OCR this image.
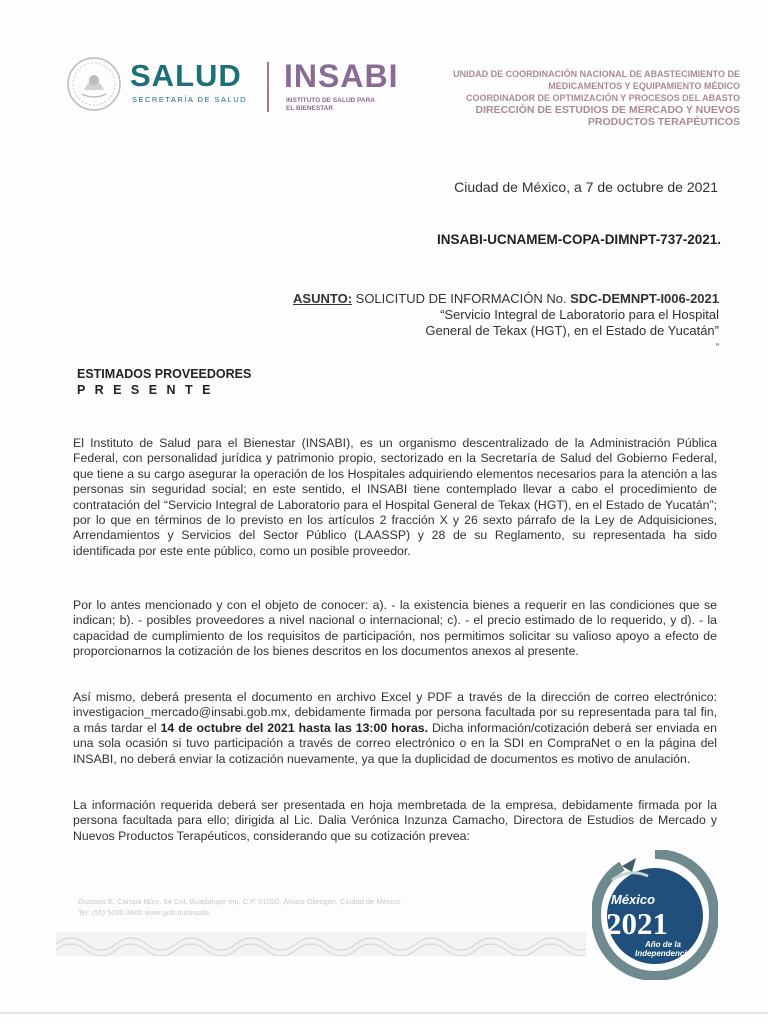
SALUD
SECRETARÍA DE SALUD
INSABI
INSTITUTO DE SALUD PARA
EL BIENESTAR
UNIDAD DE COORDINACIÓN NACIONAL DE ABASTECIMIENTO DE
MEDICAMENTOS Y EQUIPAMIENTO MÉDICO
COORDINADOR DE OPTIMIZACIÓN Y PROCESOS DEL ABASTO
DIRECCIÓN DE ESTUDIOS DE MERCADO Y NUEVOS
PRODUCTOS TERAPÉUTICOS
Ciudad de México, a 7 de octubre de 2021
INSABI-UCNAMEM-COPA-DIMNPT-737-2021.
ASUNTO: SOLICITUD DE INFORMACIÓN No. SDC-DEMNPT-I006-2021
“Servicio Integral de Laboratorio para el Hospital
General de Tekax (HGT), en el Estado de Yucatán”
”
ESTIMADOS PROVEEDORES
P R E S E N T E
El Instituto de Salud para el Bienestar (INSABI), es un organismo descentralizado de la Administración Pública Federal, con personalidad jurídica y patrimonio propio, sectorizado en la Secretaría de Salud del Gobierno Federal, que tiene a su cargo asegurar la operación de los Hospitales adquiriendo elementos necesarios para la atención a las personas sin seguridad social; en este sentido, el INSABI tiene contemplado llevar a cabo el procedimiento de contratación del “Servicio Integral de Laboratorio para el Hospital General de Tekax (HGT), en el Estado de Yucatán”; por lo que en términos de lo previsto en los artículos 2 fracción X y 26 sexto párrafo de la Ley de Adquisiciones, Arrendamientos y Servicios del Sector Público (LAASSP) y 28 de su Reglamento, su representada ha sido identificada por este ente público, como un posible proveedor.
Por lo antes mencionado y con el objeto de conocer: a). - la existencia bienes a requerir en las condiciones que se indican; b). - posibles proveedores a nivel nacional o internacional; c). - el precio estimado de lo requerido, y d). - la capacidad de cumplimiento de los requisitos de participación, nos permitimos solicitar su valioso apoyo a efecto de proporcionarnos la cotización de los bienes descritos en los documentos anexos al presente.
Así mismo, deberá presenta el documento en archivo Excel y PDF a través de la dirección de correo electrónico: investigacion_mercado@insabi.gob.mx, debidamente firmada por persona facultada por su representada para tal fin, a más tardar el 14 de octubre del 2021 hasta las 13:00 horas. Dicha información/cotización deberá ser enviada en una sola ocasión si tuvo participación a través de correo electrónico o en la SDI en CompraNet o en la página del INSABI, no deberá enviar la cotización nuevamente, ya que la duplicidad de documentos es motivo de anulación.
La información requerida deberá ser presentada en hoja membretada de la empresa, debidamente firmada por la persona facultada para ello; dirigida al Lic. Dalia Verónica Inzunza Camacho, Directora de Estudios de Mercado y Nuevos Productos Terapéuticos, considerando que su cotización prevea:
Gustavo E. Campa Núm. 54 Col. Guadalupe Inn, C.P. 01020, Álvaro Obregón, Ciudad de México.
Tel: (55) 5090 3600 www.gob.mx/insabi
México
2021
Año de la Independencia
